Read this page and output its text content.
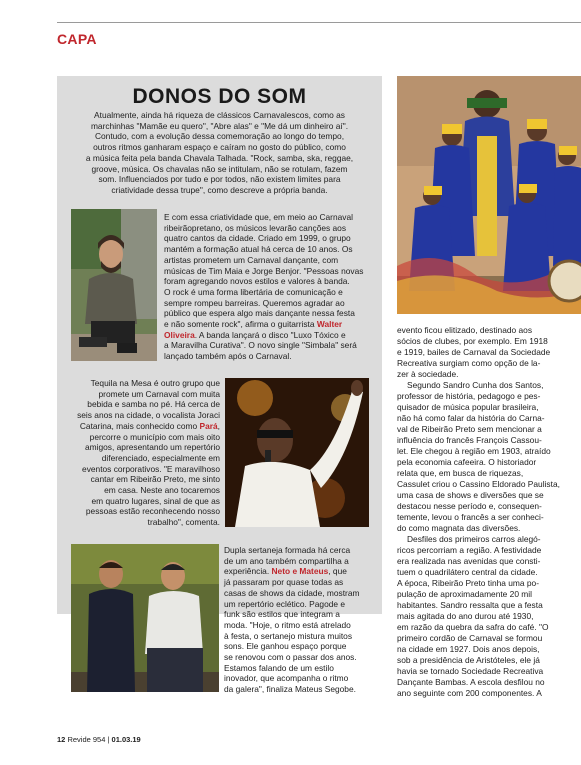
CAPA
DONOS DO SOM
Atualmente, ainda há riqueza de clássicos Carnavalescos, como as
marchinhas "Mamãe eu quero", "Abre alas" e "Me dá um dinheiro aí".
Contudo, com a evolução dessa comemoração ao longo do tempo,
outros ritmos ganharam espaço e caíram no gosto do público, como
a música feita pela banda Chavala Talhada. "Rock, samba, ska, reggae,
groove, música. Os chavalas não se intitulam, não se rotulam, fazem
som. Influenciados por tudo e por todos, não existem limites para
criatividade dessa trupe", como descreve a própria banda.
E com essa criatividade que, em meio ao Carnaval
ribeirãopretano, os músicos levarão canções aos
quatro cantos da cidade. Criado em 1999, o grupo
mantém a formação atual há cerca de 10 anos. Os
artistas prometem um Carnaval dançante, com
músicas de Tim Maia e Jorge Benjor. "Pessoas novas
foram agregando novos estilos e valores à banda.
O rock é uma forma libertária de comunicação e
sempre rompeu barreiras. Queremos agradar ao
público que espera algo mais dançante nessa festa
e não somente rock", afirma o guitarrista Walter
Oliveira. A banda lançará o disco "Luxo Tóxico e
a Maravilha Curativa". O novo single "Simbala" será
lançado também após o Carnaval.
Tequila na Mesa é outro grupo que
promete um Carnaval com muita
bebida e samba no pé. Há cerca de
seis anos na cidade, o vocalista Joraci
Catarina, mais conhecido como Pará,
percorre o município com mais oito
amigos, apresentando um repertório
diferenciado, especialmente em
eventos corporativos. "E maravilhoso
cantar em Ribeirão Preto, me sinto
em casa. Neste ano tocaremos
em quatro lugares, sinal de que as
pessoas estão reconhecendo nosso
trabalho", comenta.
Dupla sertaneja formada há cerca
de um ano também compartilha a
experiência. Neto e Mateus, que
já passaram por quase todas as
casas de shows da cidade, mostram
um repertório eclético. Pagode e
funk são estilos que integram a
moda. "Hoje, o ritmo está atrelado
à festa, o sertanejo mistura muitos
sons. Ele ganhou espaço porque
se renovou com o passar dos anos.
Estamos falando de um estilo
inovador, que acompanha o ritmo
da galera", finaliza Mateus Segobe.
evento ficou elitizado, destinado aos
sócios de clubes, por exemplo. Em 1918
e 1919, bailes de Carnaval da Sociedade
Recreativa surgiam como opção de la-
zer à sociedade.
Segundo Sandro Cunha dos Santos,
professor de história, pedagogo e pes-
quisador de música popular brasileira,
não há como falar da história do Carna-
val de Ribeirão Preto sem mencionar a
influência do francês François Cassou-
let. Ele chegou à região em 1903, atraído
pela economia cafeeira. O historiador
relata que, em busca de riquezas,
Cassulet criou o Cassino Eldorado Paulista,
uma casa de shows e diversões que se
destacou nesse período e, consequen-
temente, levou o francês a ser conheci-
do como magnata das diversões.
Desfiles dos primeiros carros alegó-
ricos percorriam a região. A festividade
era realizada nas avenidas que consti-
tuem o quadrilátero central da cidade.
A época, Ribeirão Preto tinha uma po-
pulação de aproximadamente 20 mil
habitantes. Sandro ressalta que a festa
mais agitada do ano durou até 1930,
em razão da quebra da safra do café. "O
primeiro cordão de Carnaval se formou
na cidade em 1927. Dois anos depois,
sob a presidência de Aristóteles, ele já
havia se tornado Sociedade Recreativa
Dançante Bambas. A escola desfilou no
ano seguinte com 200 componentes. A
12 Revide 954 | 01.03.19
